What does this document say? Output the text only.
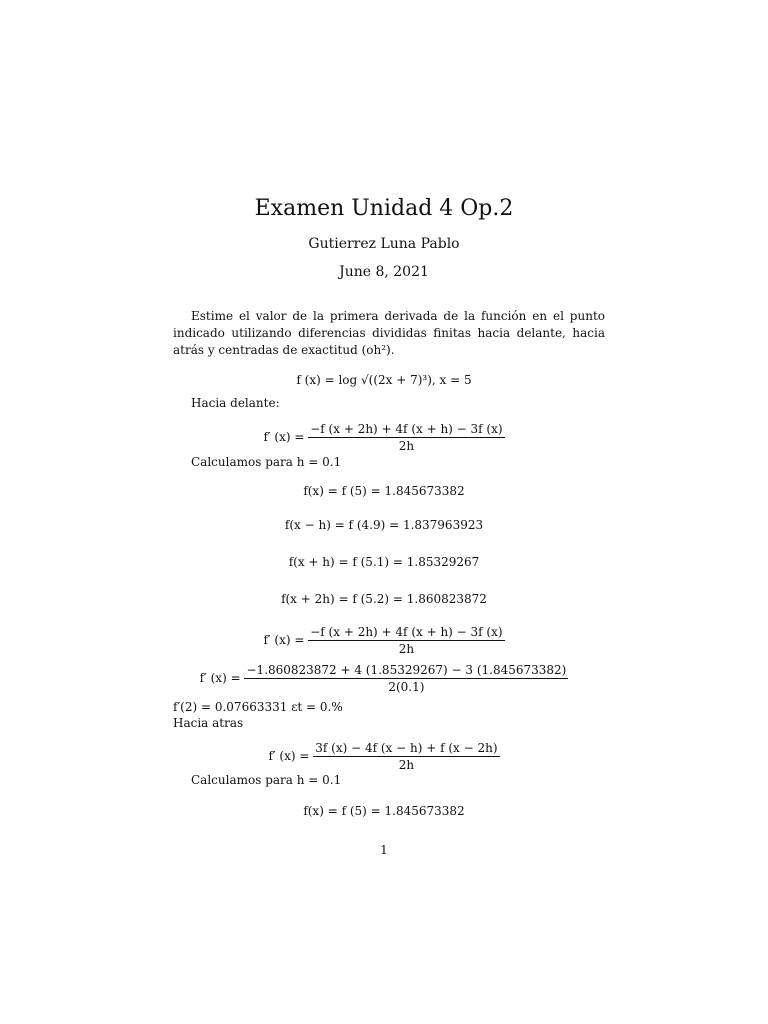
Examen Unidad 4 Op.2
Gutierrez Luna Pablo
June 8, 2021
Estime el valor de la primera derivada de la función en el punto indicado utilizando diferencias divididas finitas hacia delante, hacia atrás y centradas de exactitud (oh²).
f (x) = log √((2x + 7)³), x = 5
Hacia delante:
f′ $(x) = \frac{-f (x + 2h) + 4f (x + h) - 3f (x)}{2h}$
Calculamos para h = 0.1
f(x) = f (5) = 1.845673382
f(x − h) = f (4.9) = 1.837963923
f(x + h) = f (5.1) = 1.85329267
f(x + 2h) = f (5.2) = 1.860823872
f′ $(x) = \frac{-f (x + 2h) + 4f (x + h) - 3f (x)}{2h}$
f′ $(x) = \frac{-1.860823872 + 4 (1.85329267) - 3 (1.845673382)}{2(0.1)}$
f′(2) = 0.07663331 εt = 0.%
Hacia atras
f′ $(x) = \frac{3f (x) - 4f (x - h) + f (x - 2h)}{2h}$
Calculamos para h = 0.1
f(x) = f (5) = 1.845673382
1
